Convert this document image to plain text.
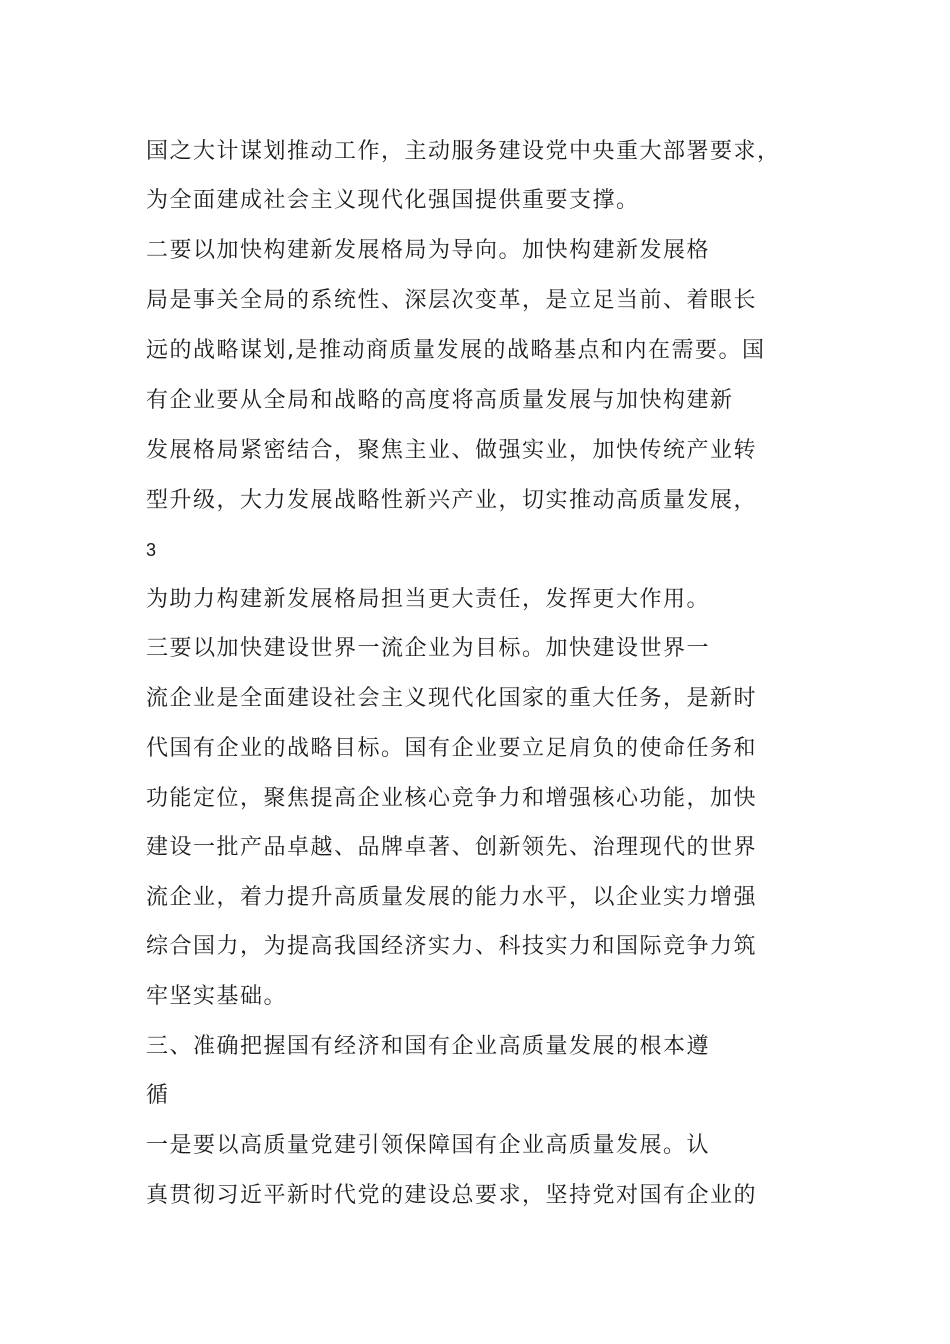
国之大计谋划推动工作，主动服务建设党中央重大部署要求，
为全面建成社会主义现代化强国提供重要支撑。
二要以加快构建新发展格局为导向。加快构建新发展格
局是事关全局的系统性、深层次变革，是立足当前、着眼长
远的战略谋划,是推动商质量发展的战略基点和内在需要。国
有企业要从全局和战略的高度将高质量发展与加快构建新
发展格局紧密结合，聚焦主业、做强实业，加快传统产业转
型升级，大力发展战略性新兴产业，切实推动高质量发展，
3
为助力构建新发展格局担当更大责任，发挥更大作用。
三要以加快建设世界一流企业为目标。加快建设世界一
流企业是全面建设社会主义现代化国家的重大任务，是新时
代国有企业的战略目标。国有企业要立足肩负的使命任务和
功能定位，聚焦提高企业核心竞争力和增强核心功能，加快
建设一批产品卓越、品牌卓著、创新领先、治理现代的世界
流企业，着力提升高质量发展的能力水平，以企业实力增强
综合国力，为提高我国经济实力、科技实力和国际竞争力筑
牢坚实基础。
三、准确把握国有经济和国有企业高质量发展的根本遵
循
一是要以高质量党建引领保障国有企业高质量发展。认
真贯彻习近平新时代党的建设总要求，坚持党对国有企业的
